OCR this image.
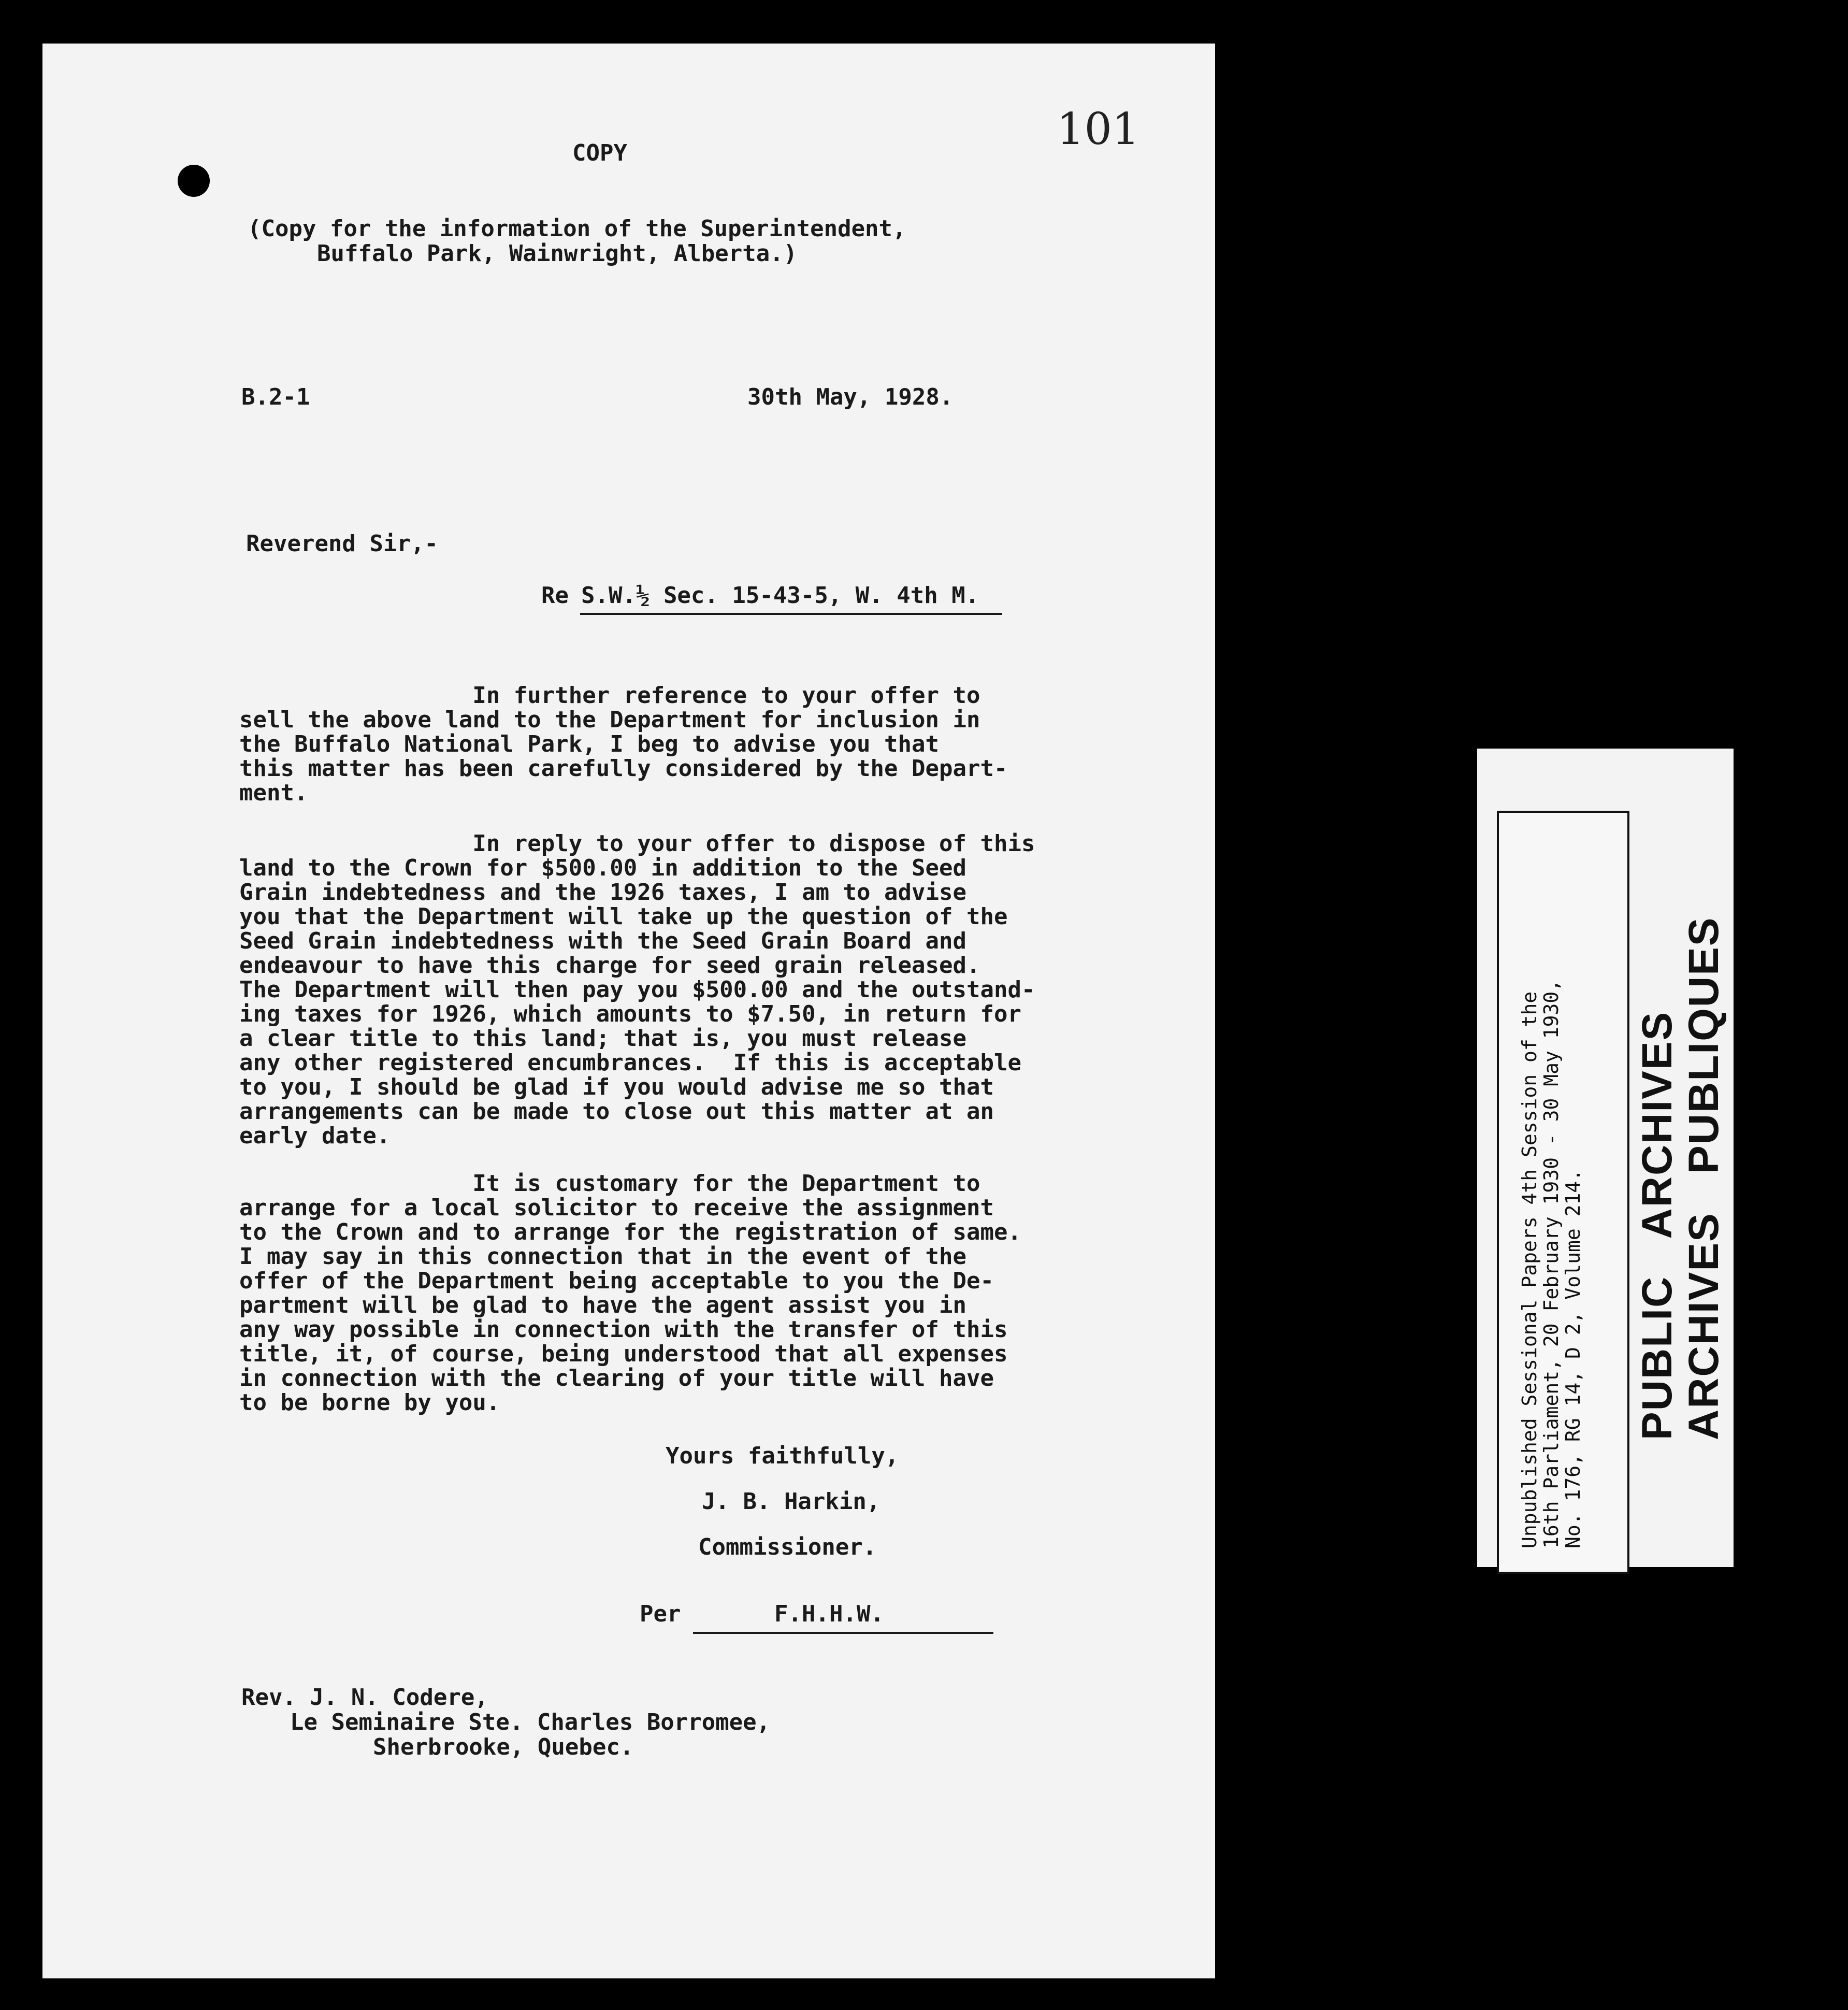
101
COPY
(Copy for the information of the Superintendent,
Buffalo Park, Wainwright, Alberta.)
B.2-1	30th May, 1928.
Reverend Sir,-
Re S.W.½ Sec. 15-43-5, W. 4th M.

In further reference to your offer to
sell the above land to the Department for inclusion in
the Buffalo National Park, I beg to advise you that
this matter has been carefully considered by the Depart-
ment.

In reply to your offer to dispose of this
land to the Crown for $500.00 in addition to the Seed
Grain indebtedness and the 1926 taxes, I am to advise
you that the Department will take up the question of the
Seed Grain indebtedness with the Seed Grain Board and
endeavour to have this charge for seed grain released.
The Department will then pay you $500.00 and the outstand-
ing taxes for 1926, which amounts to $7.50, in return for
a clear title to this land; that is, you must release
any other registered encumbrances.  If this is acceptable
to you, I should be glad if you would advise me so that
arrangements can be made to close out this matter at an
early date.

It is customary for the Department to
arrange for a local solicitor to receive the assignment
to the Crown and to arrange for the registration of same.
I may say in this connection that in the event of the
offer of the Department being acceptable to you the De-
partment will be glad to have the agent assist you in
any way possible in connection with the transfer of this
title, it, of course, being understood that all expenses
in connection with the clearing of your title will have
to be borne by you.

Yours faithfully,
J. B. Harkin,
Commissioner.
Per	F.H.H.W.
Rev. J. N. Codere,
Le Seminaire Ste. Charles Borromee,
Sherbrooke, Quebec.
Unpublished Sessional Papers 4th Session of the
16th Parliament, 20 February 1930 - 30 May 1930,
No. 176, RG 14, D 2, Volume 214. PUBLIC   ARCHIVES ARCHIVES   PUBLIQUES
